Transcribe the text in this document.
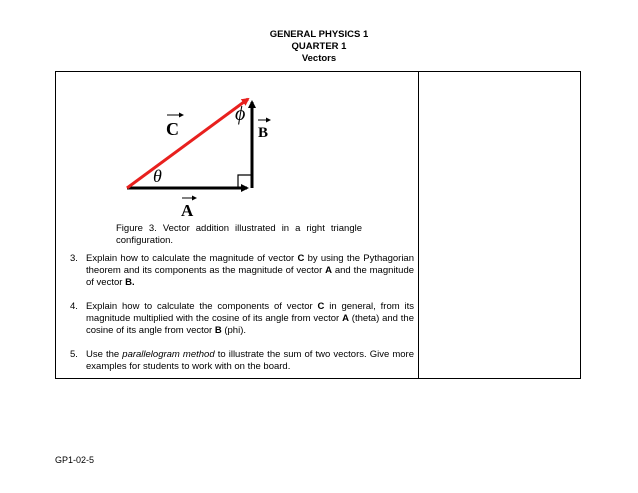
GENERAL PHYSICS 1
QUARTER 1
Vectors
C	B
A
ϕ
θ
Figure 3. Vector addition illustrated in a right triangle configuration.
3. Explain how to calculate the magnitude of vector C by using the Pythagorian theorem and its components as the magnitude of vector A and the magnitude of vector B.
4. Explain how to calculate the components of vector C in general, from its magnitude multiplied with the cosine of its angle from vector A (theta) and the cosine of its angle from vector B (phi).
5. Use the parallelogram method to illustrate the sum of two vectors. Give more examples for students to work with on the board.
GP1-02-5
